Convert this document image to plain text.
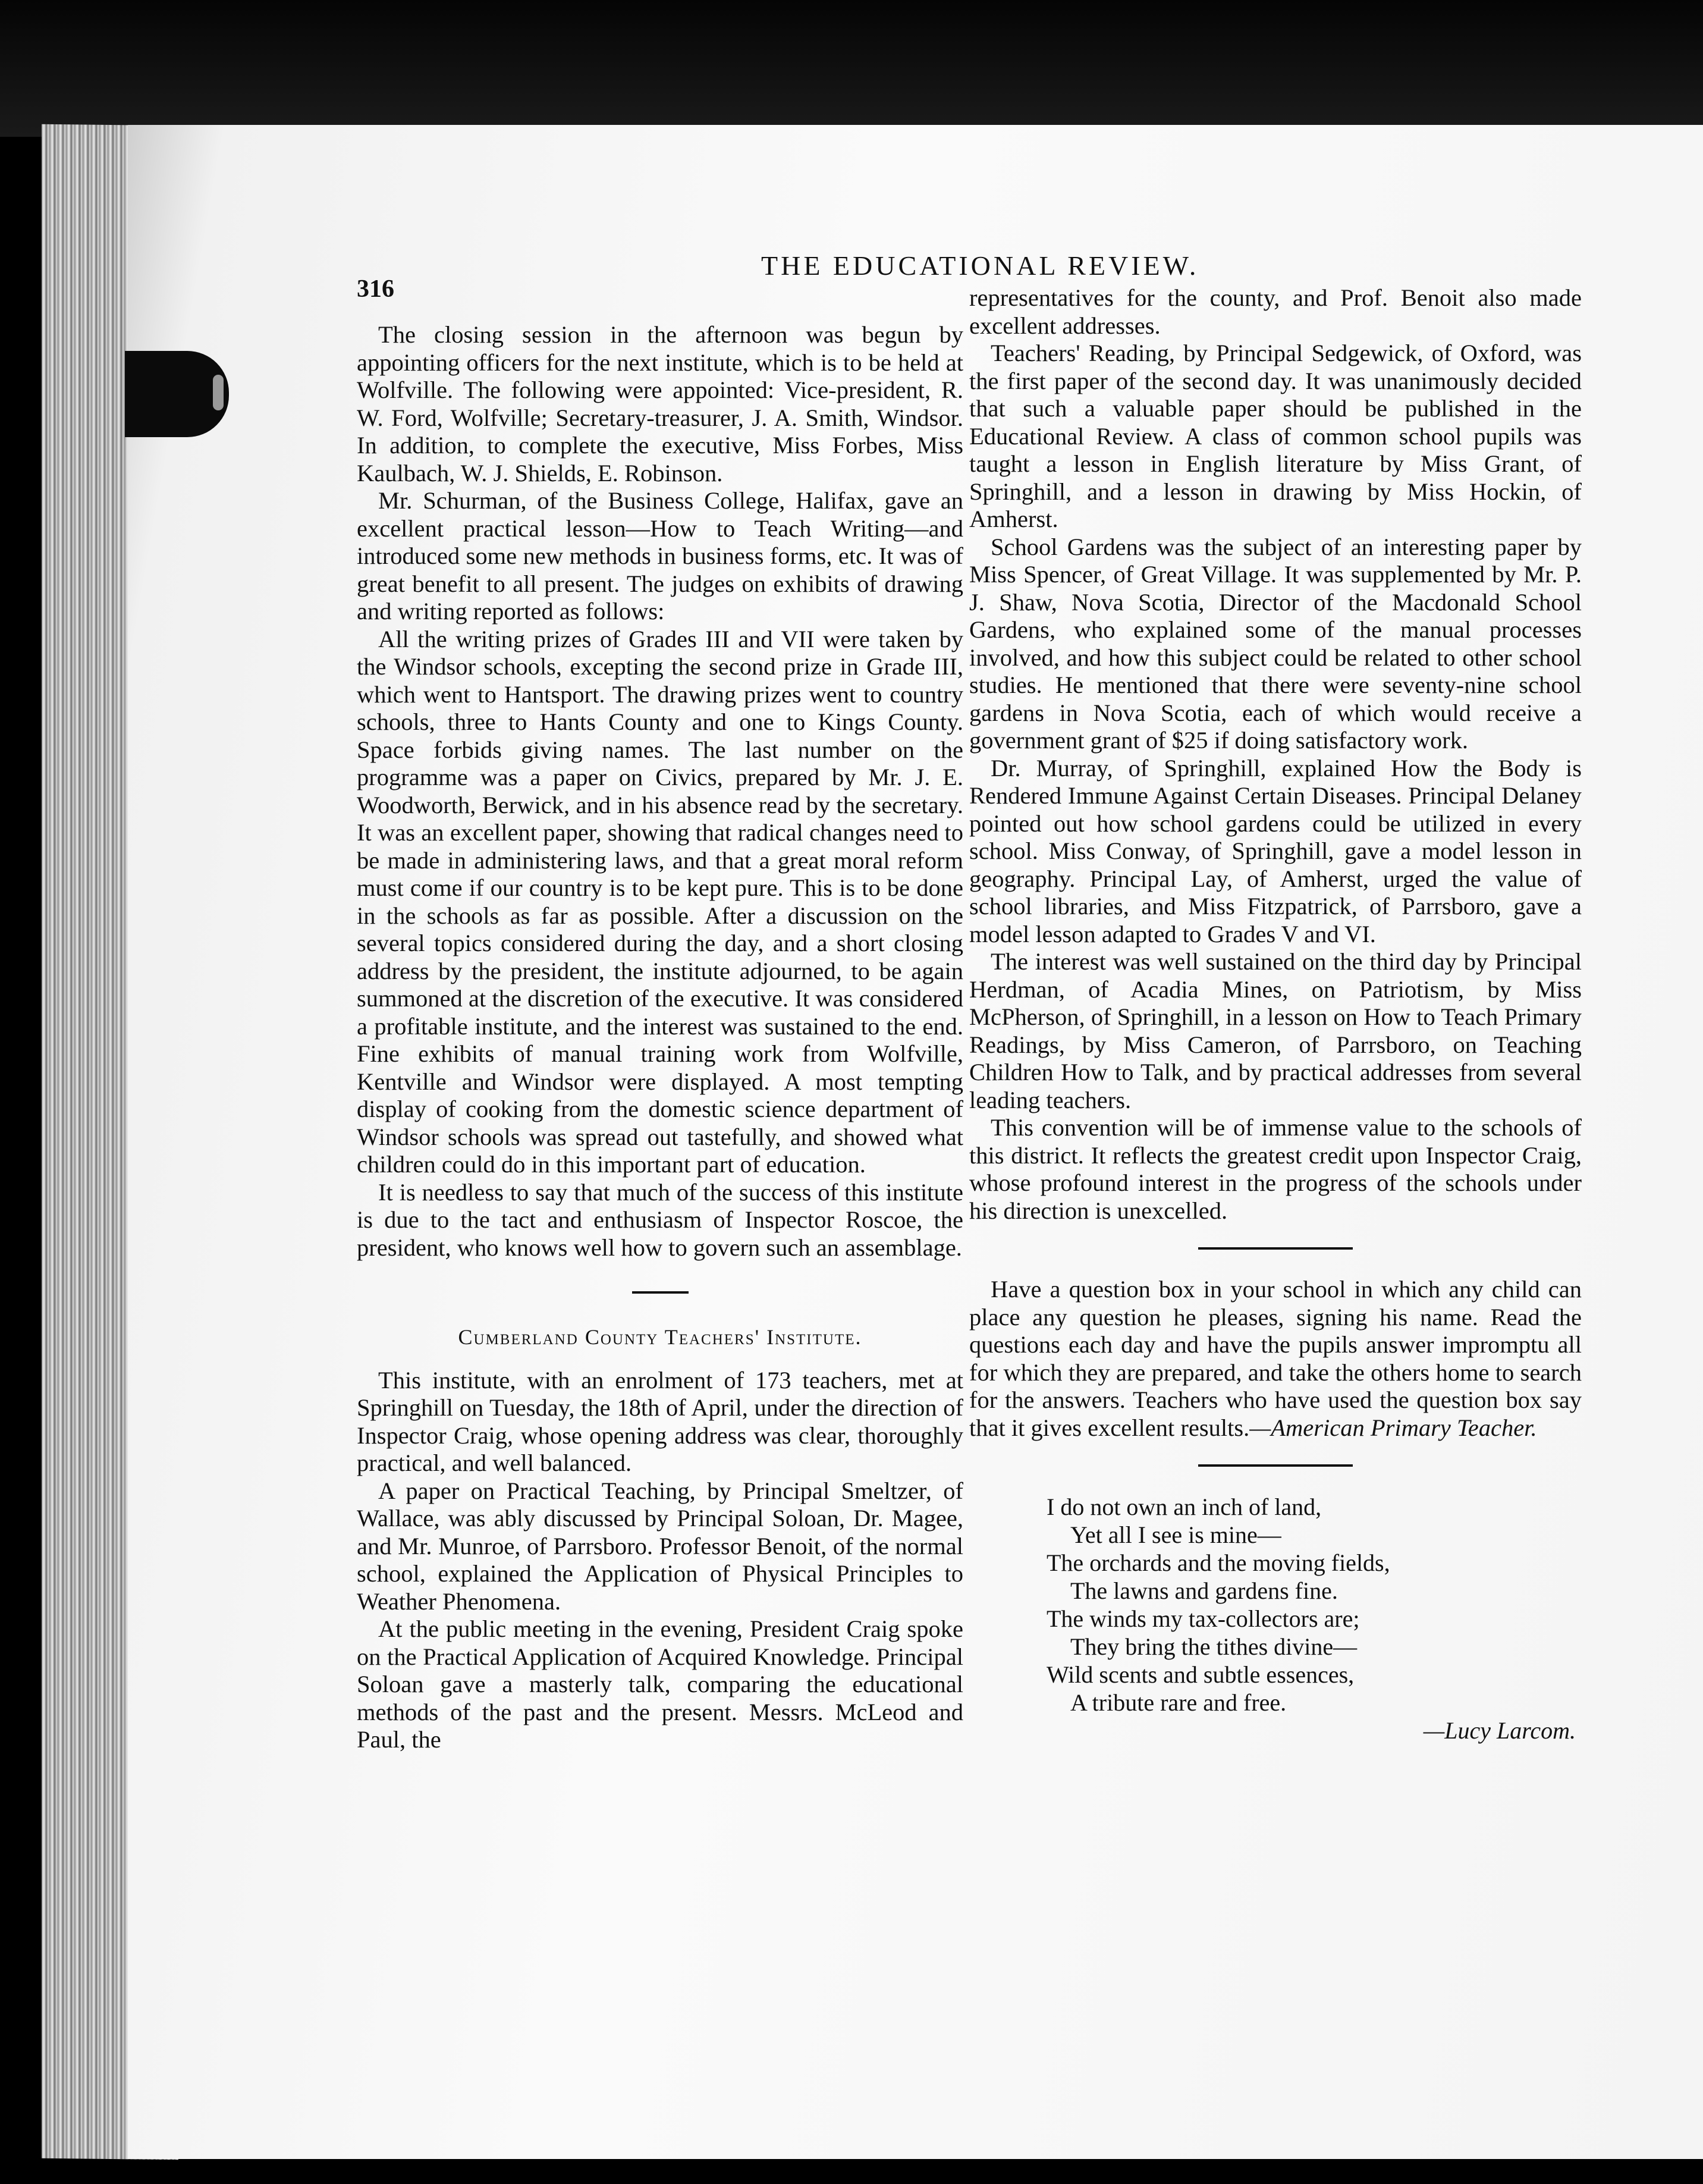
316
THE EDUCATIONAL REVIEW.

The closing session in the afternoon was begun by appointing officers for the next institute, which is to be held at Wolfville. The following were appointed: Vice-president, R. W. Ford, Wolfville; Secretary-treasurer, J. A. Smith, Windsor. In addition, to complete the executive, Miss Forbes, Miss Kaulbach, W. J. Shields, E. Robinson.

Mr. Schurman, of the Business College, Halifax, gave an excellent practical lesson—How to Teach Writing—and introduced some new methods in business forms, etc. It was of great benefit to all present. The judges on exhibits of drawing and writing reported as follows:

All the writing prizes of Grades III and VII were taken by the Windsor schools, excepting the second prize in Grade III, which went to Hantsport. The drawing prizes went to country schools, three to Hants County and one to Kings County. Space forbids giving names. The last number on the programme was a paper on Civics, prepared by Mr. J. E. Woodworth, Berwick, and in his absence read by the secretary. It was an excellent paper, showing that radical changes need to be made in administering laws, and that a great moral reform must come if our country is to be kept pure. This is to be done in the schools as far as possible. After a discussion on the several topics considered during the day, and a short closing address by the president, the institute adjourned, to be again summoned at the discretion of the executive. It was considered a profitable institute, and the interest was sustained to the end. Fine exhibits of manual training work from Wolfville, Kentville and Windsor were displayed. A most tempting display of cooking from the domestic science department of Windsor schools was spread out tastefully, and showed what children could do in this important part of education.

It is needless to say that much of the success of this institute is due to the tact and enthusiasm of Inspector Roscoe, the president, who knows well how to govern such an assemblage.

Cumberland County Teachers' Institute.

This institute, with an enrolment of 173 teachers, met at Springhill on Tuesday, the 18th of April, under the direction of Inspector Craig, whose opening address was clear, thoroughly practical, and well balanced.

A paper on Practical Teaching, by Principal Smeltzer, of Wallace, was ably discussed by Principal Soloan, Dr. Magee, and Mr. Munroe, of Parrsboro. Professor Benoit, of the normal school, explained the Application of Physical Principles to Weather Phenomena.

At the public meeting in the evening, President Craig spoke on the Practical Application of Acquired Knowledge. Principal Soloan gave a masterly talk, comparing the educational methods of the past and the present. Messrs. McLeod and Paul, the

representatives for the county, and Prof. Benoit also made excellent addresses.

Teachers' Reading, by Principal Sedgewick, of Oxford, was the first paper of the second day. It was unanimously decided that such a valuable paper should be published in the Educational Review. A class of common school pupils was taught a lesson in English literature by Miss Grant, of Springhill, and a lesson in drawing by Miss Hockin, of Amherst.

School Gardens was the subject of an interesting paper by Miss Spencer, of Great Village. It was supplemented by Mr. P. J. Shaw, Nova Scotia, Director of the Macdonald School Gardens, who explained some of the manual processes involved, and how this subject could be related to other school studies. He mentioned that there were seventy-nine school gardens in Nova Scotia, each of which would receive a government grant of $25 if doing satisfactory work.

Dr. Murray, of Springhill, explained How the Body is Rendered Immune Against Certain Diseases. Principal Delaney pointed out how school gardens could be utilized in every school. Miss Conway, of Springhill, gave a model lesson in geography. Principal Lay, of Amherst, urged the value of school libraries, and Miss Fitzpatrick, of Parrsboro, gave a model lesson adapted to Grades V and VI.

The interest was well sustained on the third day by Principal Herdman, of Acadia Mines, on Patriotism, by Miss McPherson, of Springhill, in a lesson on How to Teach Primary Readings, by Miss Cameron, of Parrsboro, on Teaching Children How to Talk, and by practical addresses from several leading teachers.

This convention will be of immense value to the schools of this district. It reflects the greatest credit upon Inspector Craig, whose profound interest in the progress of the schools under his direction is unexcelled.

Have a question box in your school in which any child can place any question he pleases, signing his name. Read the questions each day and have the pupils answer impromptu all for which they are prepared, and take the others home to search for the answers. Teachers who have used the question box say that it gives excellent results.—American Primary Teacher.

I do not own an inch of land,
Yet all I see is mine—
The orchards and the moving fields,
The lawns and gardens fine.
The winds my tax-collectors are;
They bring the tithes divine—
Wild scents and subtle essences,
A tribute rare and free.
—Lucy Larcom.
